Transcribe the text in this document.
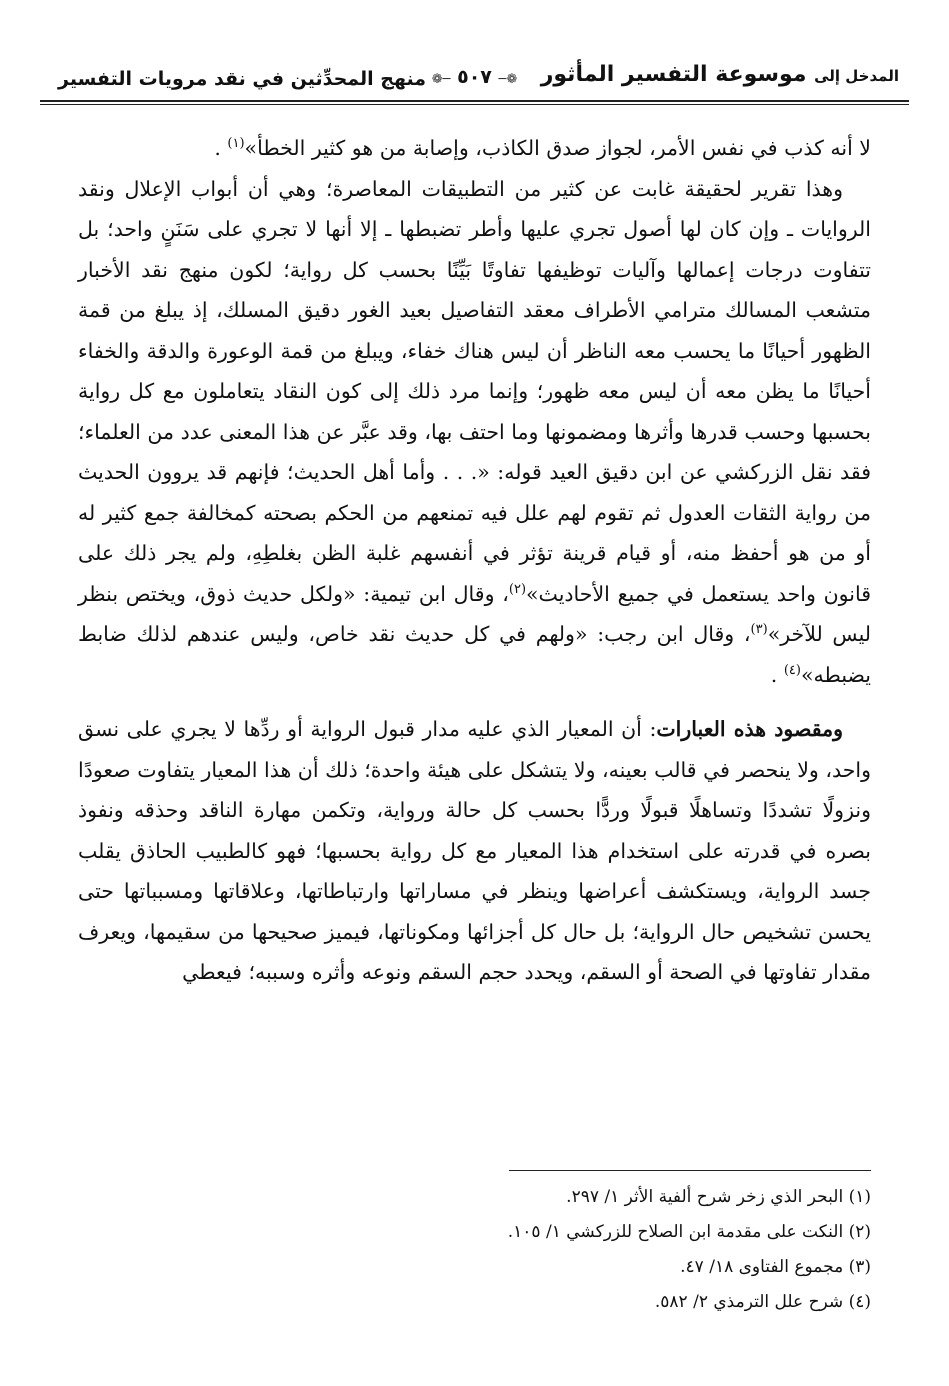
المدخل إلى موسوعة التفسير المأثور
❁─ ٥٠٧ ─❁
منهج المحدِّثين في نقد مرويات التفسير

لا أنه كذب في نفس الأمر، لجواز صدق الكاذب، وإصابة من هو كثير الخطأ»$^{(١)}$ .

وهذا تقرير لحقيقة غابت عن كثير من التطبيقات المعاصرة؛ وهي أن أبواب الإعلال ونقد الروايات ـ وإن كان لها أصول تجري عليها وأطر تضبطها ـ إلا أنها لا تجري على سَنَنٍ واحد؛ بل تتفاوت درجات إعمالها وآليات توظيفها تفاوتًا بَيِّنًا بحسب كل رواية؛ لكون منهج نقد الأخبار متشعب المسالك مترامي الأطراف معقد التفاصيل بعيد الغور دقيق المسلك، إذ يبلغ من قمة الظهور أحيانًا ما يحسب معه الناظر أن ليس هناك خفاء، ويبلغ من قمة الوعورة والدقة والخفاء أحيانًا ما يظن معه أن ليس معه ظهور؛ وإنما مرد ذلك إلى كون النقاد يتعاملون مع كل رواية بحسبها وحسب قدرها وأثرها ومضمونها وما احتف بها، وقد عبَّر عن هذا المعنى عدد من العلماء؛ فقد نقل الزركشي عن ابن دقيق العيد قوله: «. . . وأما أهل الحديث؛ فإنهم قد يروون الحديث من رواية الثقات العدول ثم تقوم لهم علل فيه تمنعهم من الحكم بصحته كمخالفة جمع كثير له أو من هو أحفظ منه، أو قيام قرينة تؤثر في أنفسهم غلبة الظن بغلطِهِ، ولم يجر ذلك على قانون واحد يستعمل في جميع الأحاديث»$^{(٢)}$، وقال ابن تيمية: «ولكل حديث ذوق، ويختص بنظر ليس للآخر»$^{(٣)}$، وقال ابن رجب: «ولهم في كل حديث نقد خاص، وليس عندهم لذلك ضابط يضبطه»$^{(٤)}$ .

ومقصود هذه العبارات: أن المعيار الذي عليه مدار قبول الرواية أو ردِّها لا يجري على نسق واحد، ولا ينحصر في قالب بعينه، ولا يتشكل على هيئة واحدة؛ ذلك أن هذا المعيار يتفاوت صعودًا ونزولًا تشددًا وتساهلًا قبولًا وردًّا بحسب كل حالة ورواية، وتكمن مهارة الناقد وحذقه ونفوذ بصره في قدرته على استخدام هذا المعيار مع كل رواية بحسبها؛ فهو كالطبيب الحاذق يقلب جسد الرواية، ويستكشف أعراضها وينظر في مساراتها وارتباطاتها، وعلاقاتها ومسبباتها حتى يحسن تشخيص حال الرواية؛ بل حال كل أجزائها ومكوناتها، فيميز صحيحها من سقيمها، ويعرف مقدار تفاوتها في الصحة أو السقم، ويحدد حجم السقم ونوعه وأثره وسببه؛ فيعطي

(١) البحر الذي زخر شرح ألفية الأثر ١/ ٢٩٧.
(٢) النكت على مقدمة ابن الصلاح للزركشي ١/ ١٠٥.
(٣) مجموع الفتاوى ١٨/ ٤٧.
(٤) شرح علل الترمذي ٢/ ٥٨٢.
